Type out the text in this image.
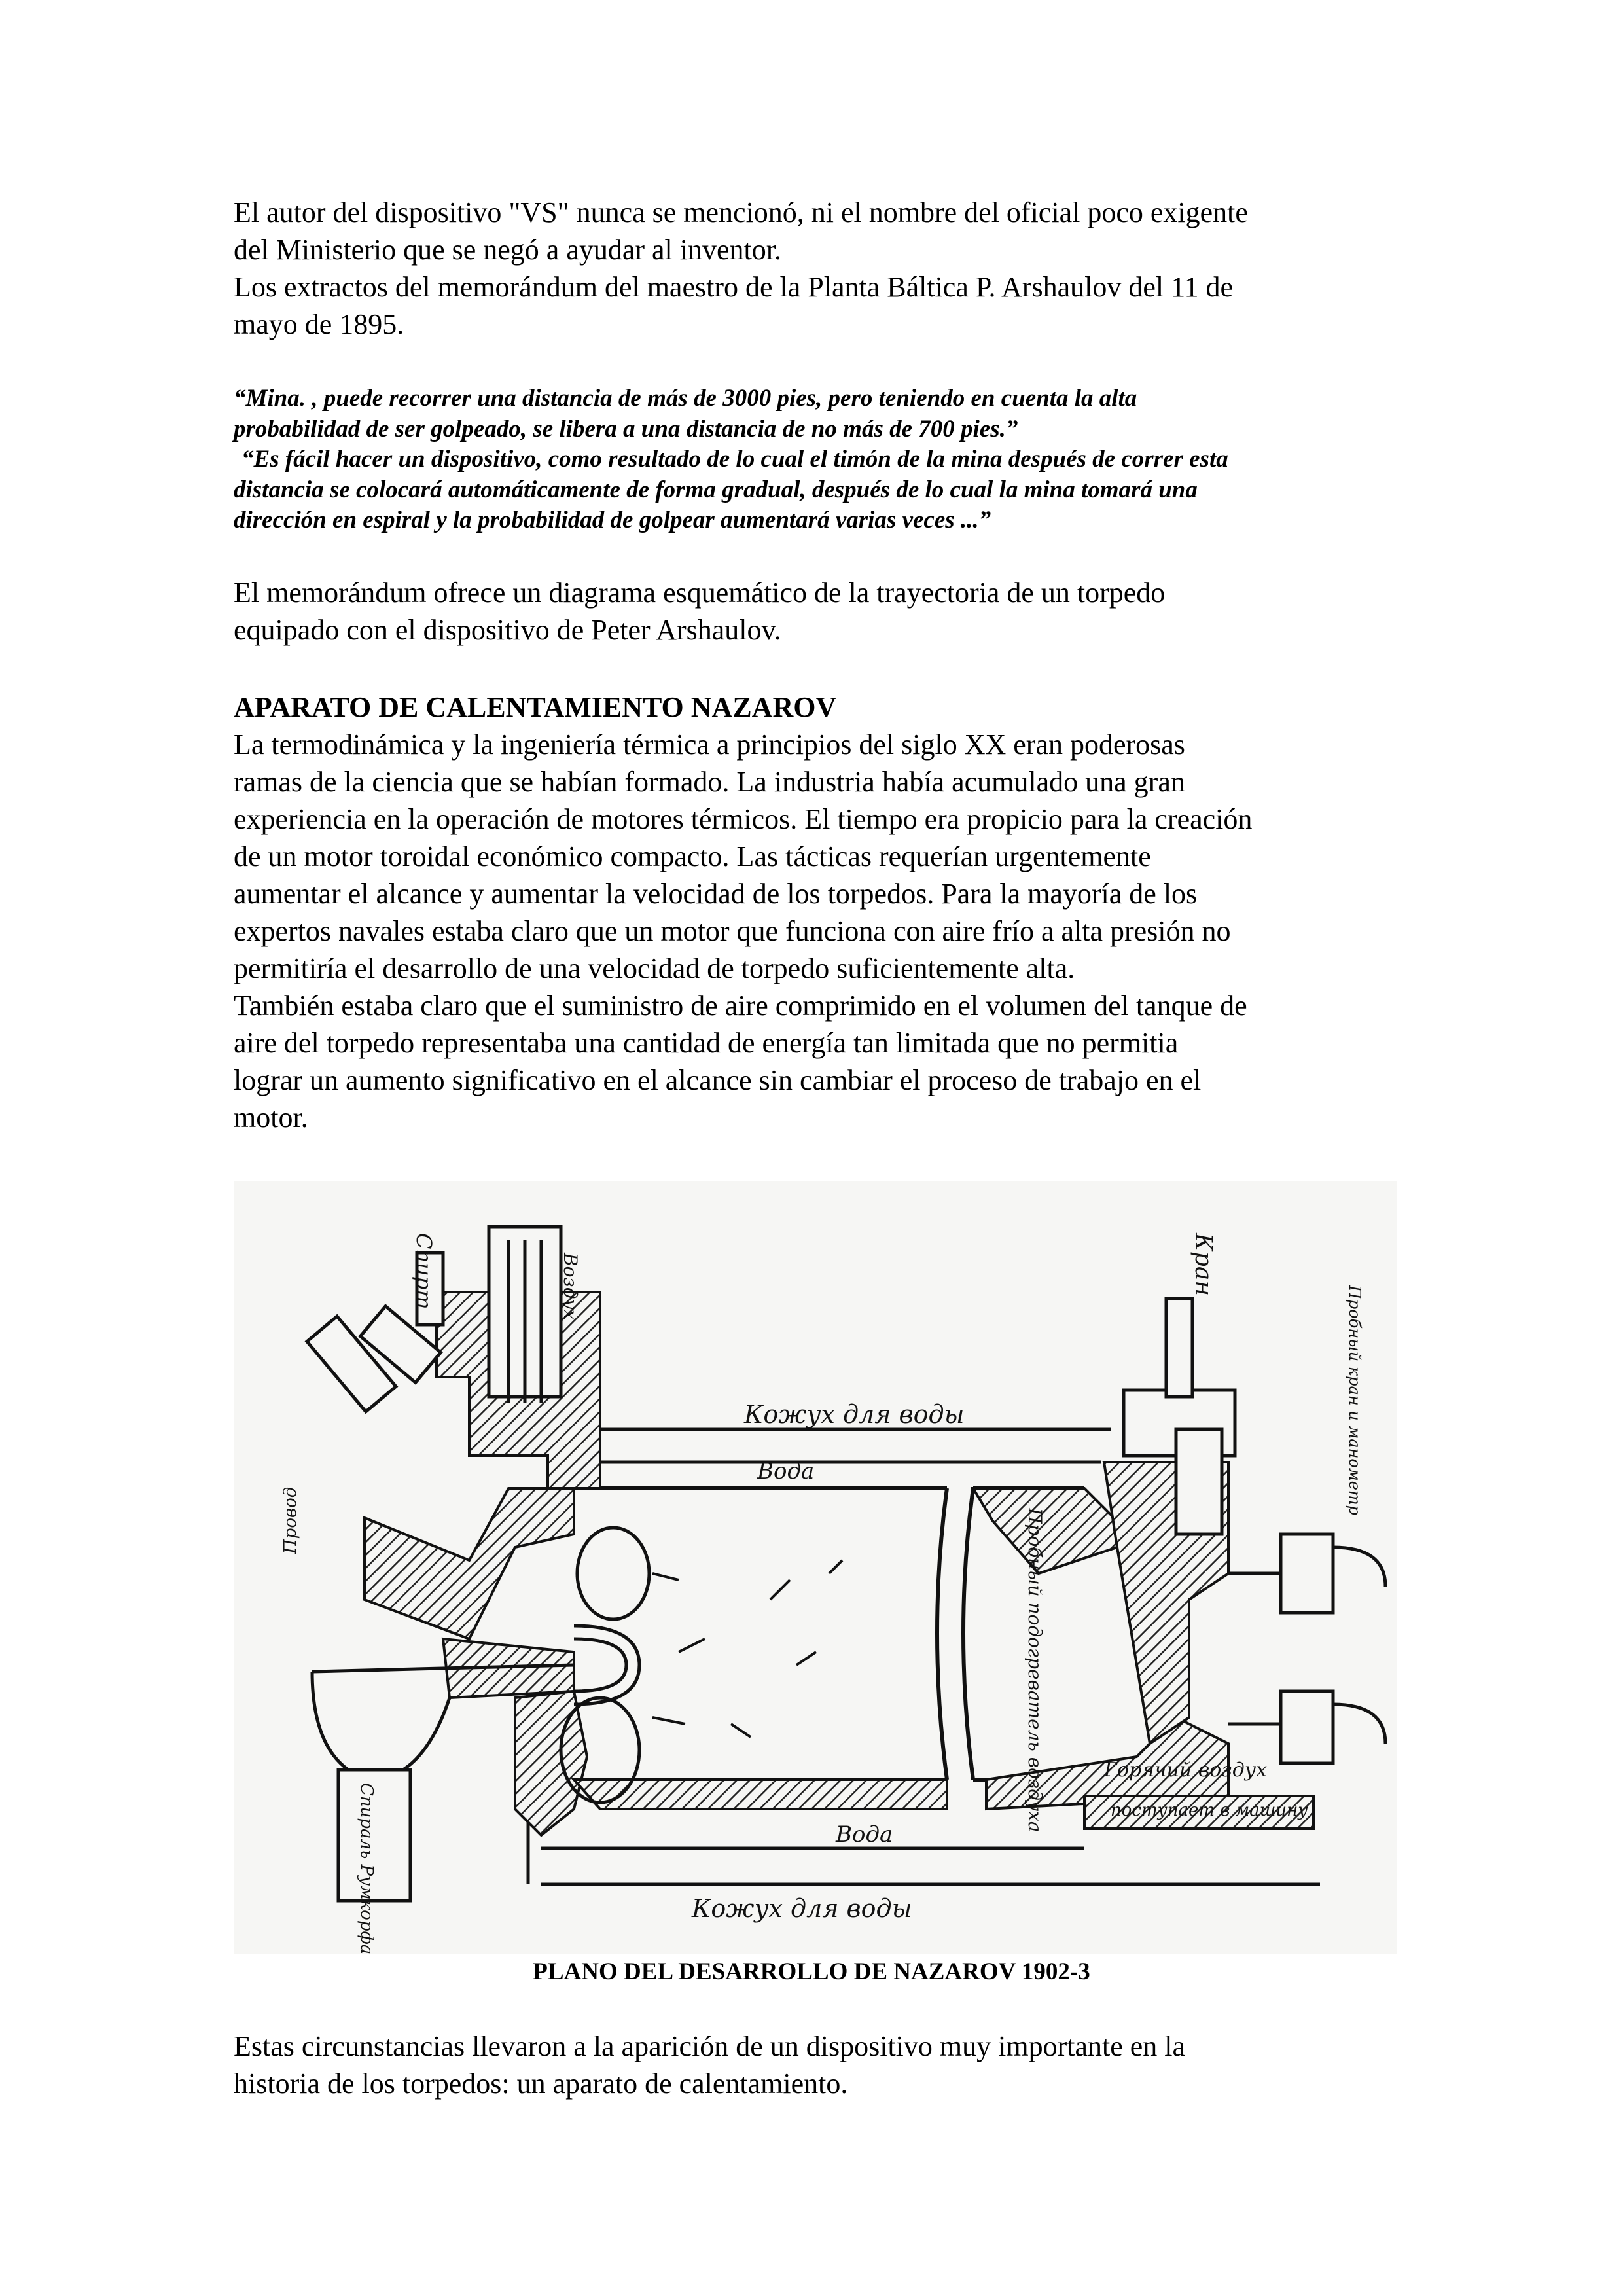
El autor del dispositivo "VS" nunca se mencionó, ni el nombre del oficial poco exigente
del Ministerio que se negó a ayudar al inventor.
Los extractos del memorándum del maestro de la Planta Báltica P. Arshaulov del 11 de
mayo de 1895.
“Mina. , puede recorrer una distancia de más de 3000 pies, pero teniendo en cuenta la alta
probabilidad de ser golpeado, se libera a una distancia de no más de 700 pies.”
“Es fácil hacer un dispositivo, como resultado de lo cual el timón de la mina después de correr esta
distancia se colocará automáticamente de forma gradual, después de lo cual la mina tomará una
dirección en espiral y la probabilidad de golpear aumentará varias veces ...”
El memorándum ofrece un diagrama esquemático de la trayectoria de un torpedo
equipado con el dispositivo de Peter Arshaulov.
APARATO DE CALENTAMIENTO NAZAROV
La termodinámica y la ingeniería térmica a principios del siglo XX eran poderosas
ramas de la ciencia que se habían formado. La industria había acumulado una gran
experiencia en la operación de motores térmicos. El tiempo era propicio para la creación
de un motor toroidal económico compacto. Las tácticas requerían urgentemente
aumentar el alcance y aumentar la velocidad de los torpedos. Para la mayoría de los
expertos navales estaba claro que un motor que funciona con aire frío a alta presión no
permitiría el desarrollo de una velocidad de torpedo suficientemente alta.
También estaba claro que el suministro de aire comprimido en el volumen del tanque de
aire del torpedo representaba una cantidad de energía tan limitada que no permitia
lograr un aumento significativo en el alcance sin cambiar el proceso de trabajo en el
motor.
Кожух для воды
Вода
Вода
Кожух для воды
Кран
Спирт
Спираль Румкорфа
Воздух
Горячий воздух
поступает в машину
Пробный подогреватель воздуха
Пробный кран и манометр
Провод

PLANO DEL DESARROLLO DE NAZAROV 1902-3

Estas circunstancias llevaron a la aparición de un dispositivo muy importante en la
historia de los torpedos: un aparato de calentamiento.
